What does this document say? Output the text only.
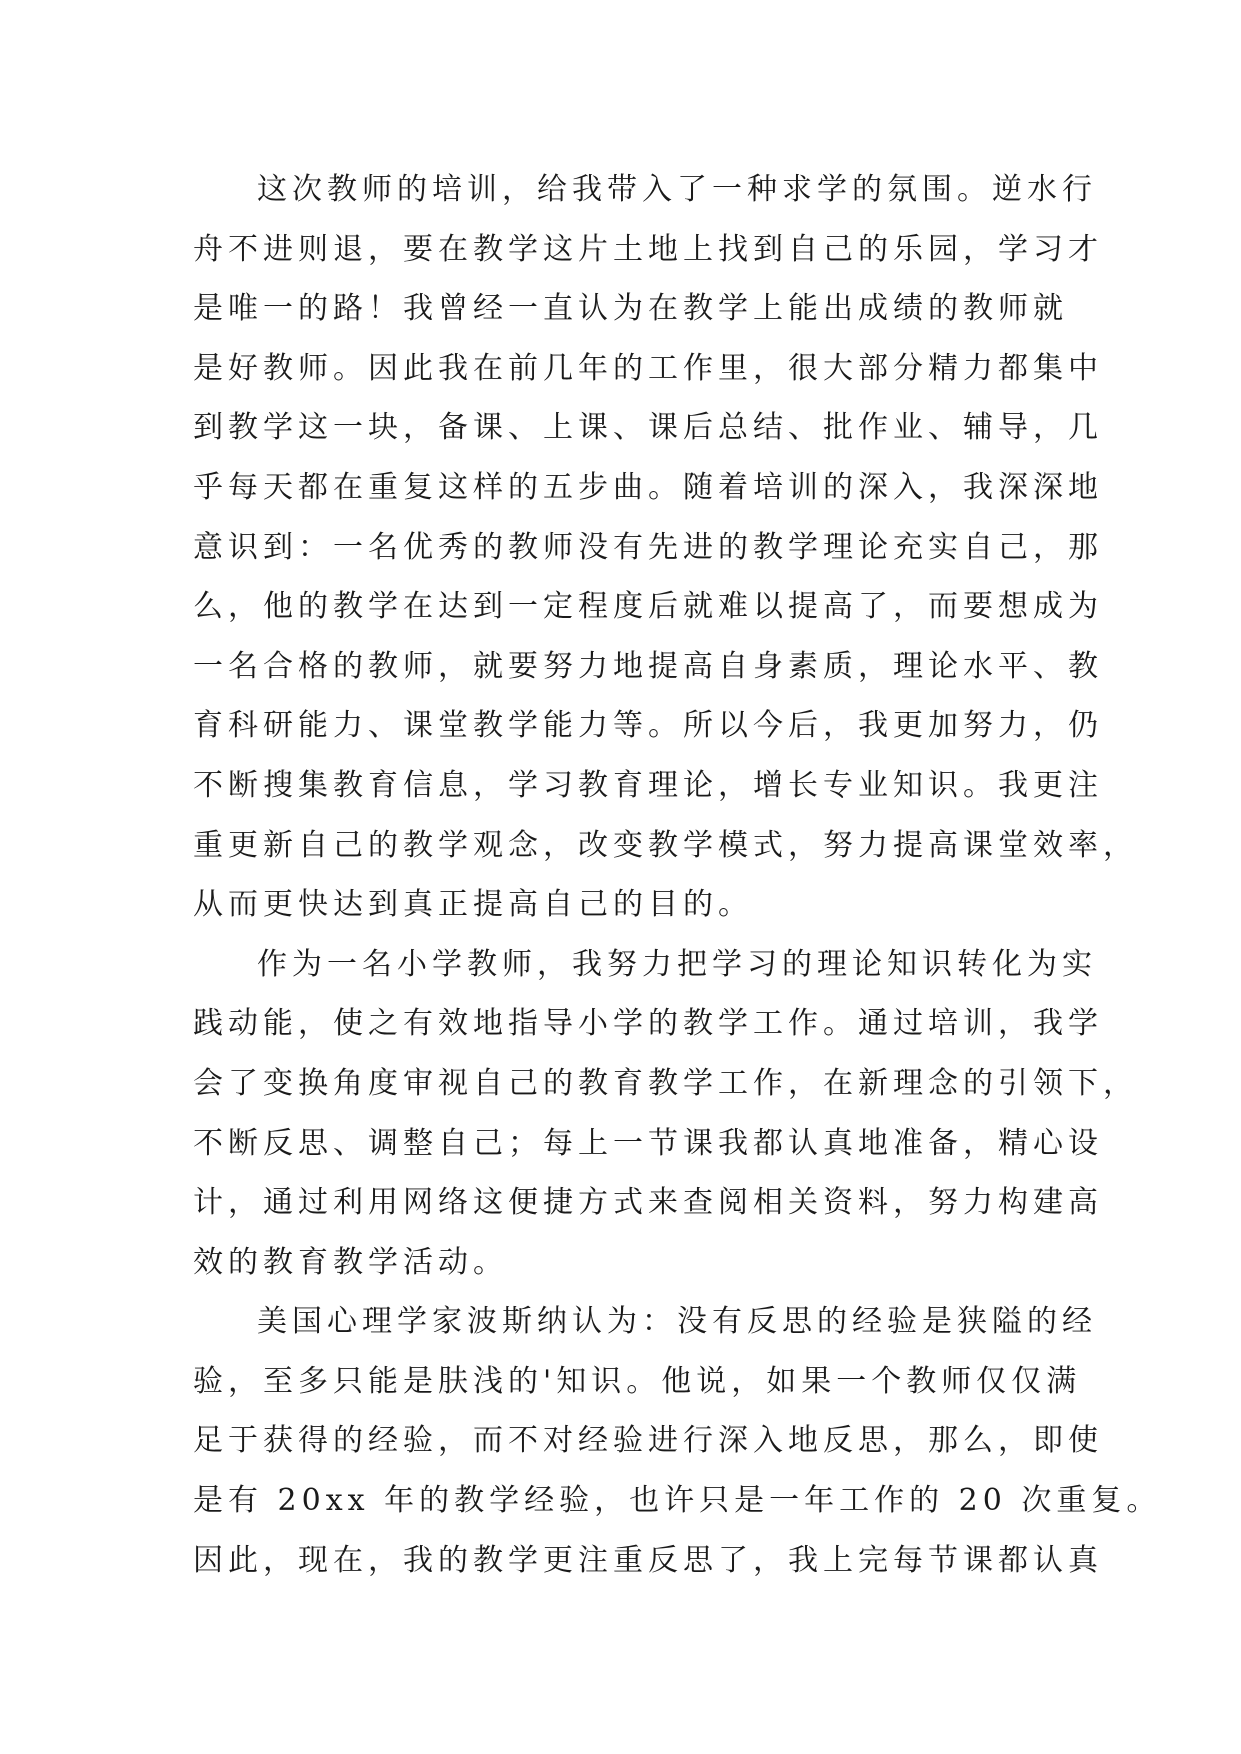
这次教师的培训，给我带入了一种求学的氛围。逆水行
舟不进则退，要在教学这片土地上找到自己的乐园，学习才
是唯一的路！我曾经一直认为在教学上能出成绩的教师就
是好教师。因此我在前几年的工作里，很大部分精力都集中
到教学这一块，备课、上课、课后总结、批作业、辅导，几
乎每天都在重复这样的五步曲。随着培训的深入，我深深地
意识到：一名优秀的教师没有先进的教学理论充实自己，那
么，他的教学在达到一定程度后就难以提高了，而要想成为
一名合格的教师，就要努力地提高自身素质，理论水平、教
育科研能力、课堂教学能力等。所以今后，我更加努力，仍
不断搜集教育信息，学习教育理论，增长专业知识。我更注
重更新自己的教学观念，改变教学模式，努力提高课堂效率，
从而更快达到真正提高自己的目的。
作为一名小学教师，我努力把学习的理论知识转化为实
践动能，使之有效地指导小学的教学工作。通过培训，我学
会了变换角度审视自己的教育教学工作，在新理念的引领下，
不断反思、调整自己；每上一节课我都认真地准备，精心设
计，通过利用网络这便捷方式来查阅相关资料，努力构建高
效的教育教学活动。
美国心理学家波斯纳认为：没有反思的经验是狭隘的经
验，至多只能是肤浅的'知识。他说，如果一个教师仅仅满
足于获得的经验，而不对经验进行深入地反思，那么，即使
是有 20xx 年的教学经验，也许只是一年工作的 20 次重复。
因此，现在，我的教学更注重反思了，我上完每节课都认真
